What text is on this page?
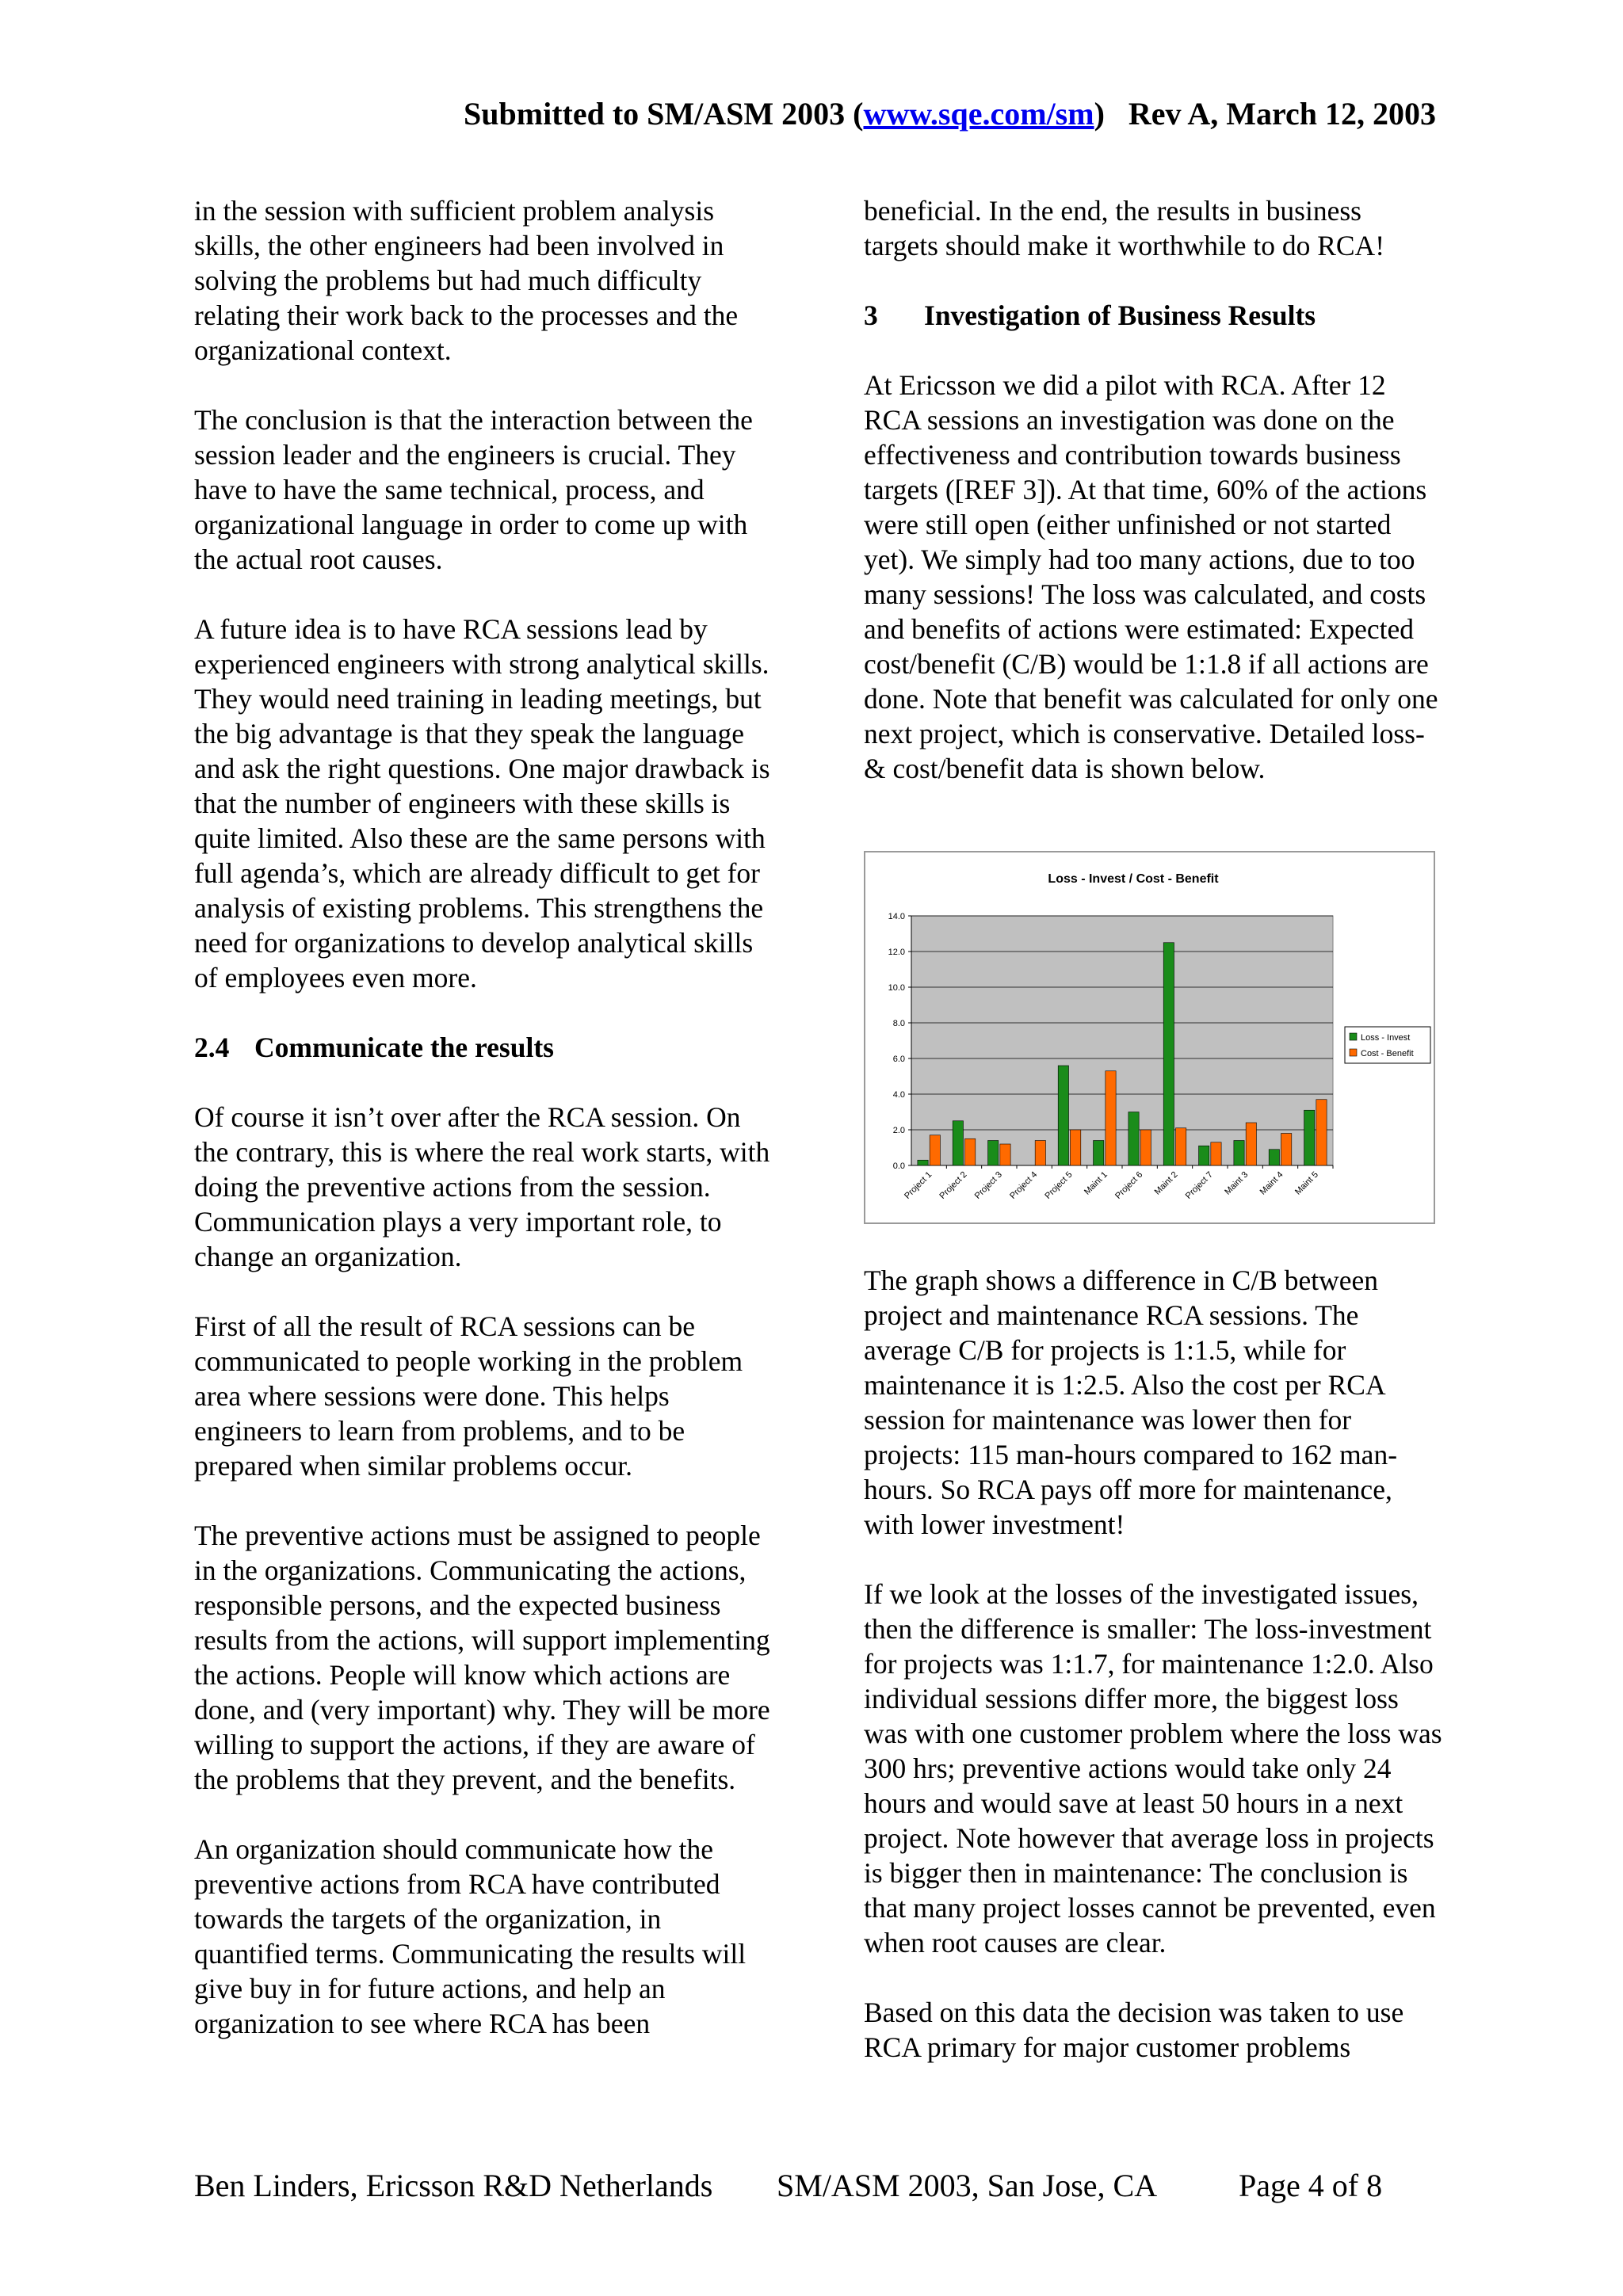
Submitted to SM/ASM 2003 (www.sqe.com/sm)   Rev A, March 12, 2003

in the session with sufficient problem analysis skills, the other engineers had been involved in solving the problems but had much difficulty relating their work back to the processes and the organizational context.

The conclusion is that the interaction between the session leader and the engineers is crucial. They have to have the same technical, process, and organizational language in order to come up with the actual root causes.

A future idea is to have RCA sessions lead by experienced engineers with strong analytical skills. They would need training in leading meetings, but the big advantage is that they speak the language and ask the right questions. One major drawback is that the number of engineers with these skills is quite limited. Also these are the same persons with full agenda’s, which are already difficult to get for analysis of existing problems. This strengthens the need for organizations to develop analytical skills of employees even more.

2.4 Communicate the results

Of course it isn’t over after the RCA session. On the contrary, this is where the real work starts, with doing the preventive actions from the session. Communication plays a very important role, to change an organization.

First of all the result of RCA sessions can be communicated to people working in the problem area where sessions were done. This helps engineers to learn from problems, and to be prepared when similar problems occur.

The preventive actions must be assigned to people in the organizations. Communicating the actions, responsible persons, and the expected business results from the actions, will support implementing the actions. People will know which actions are done, and (very important) why. They will be more willing to support the actions, if they are aware of the problems that they prevent, and the benefits.

An organization should communicate how the preventive actions from RCA have contributed towards the targets of the organization, in quantified terms. Communicating the results will give buy in for future actions, and help an organization to see where RCA has been

beneficial. In the end, the results in business targets should make it worthwhile to do RCA!

3 Investigation of Business Results

At Ericsson we did a pilot with RCA. After 12 RCA sessions an investigation was done on the effectiveness and contribution towards business targets ([REF 3]). At that time, 60% of the actions were still open (either unfinished or not started yet). We simply had too many actions, due to too many sessions! The loss was calculated, and costs and benefits of actions were estimated: Expected cost/benefit (C/B) would be 1:1.8 if all actions are done. Note that benefit was calculated for only one next project, which is conservative. Detailed loss- & cost/benefit data is shown below.

Loss - Invest / Cost - Benefit
0.0
2.0
4.0
6.0
8.0
10.0
12.0
14.0
Project 1 Project 2 Project 3 Project 4 Project 5 Maint 1 Project 6 Maint 2 Project 7 Maint 3 Maint 4 Maint 5
Loss - Invest
Cost - Benefit

The graph shows a difference in C/B between project and maintenance RCA sessions. The average C/B for projects is 1:1.5, while for maintenance it is 1:2.5. Also the cost per RCA session for maintenance was lower then for projects: 115 man-hours compared to 162 man-hours. So RCA pays off more for maintenance, with lower investment!

If we look at the losses of the investigated issues, then the difference is smaller: The loss-investment for projects was 1:1.7, for maintenance 1:2.0. Also individual sessions differ more, the biggest loss was with one customer problem where the loss was 300 hrs; preventive actions would take only 24 hours and would save at least 50 hours in a next project. Note however that average loss in projects is bigger then in maintenance: The conclusion is that many project losses cannot be prevented, even when root causes are clear.

Based on this data the decision was taken to use RCA primary for major customer problems

Ben Linders, Ericsson R&D Netherlands SM/ASM 2003, San Jose, CA	Page 4 of 8
